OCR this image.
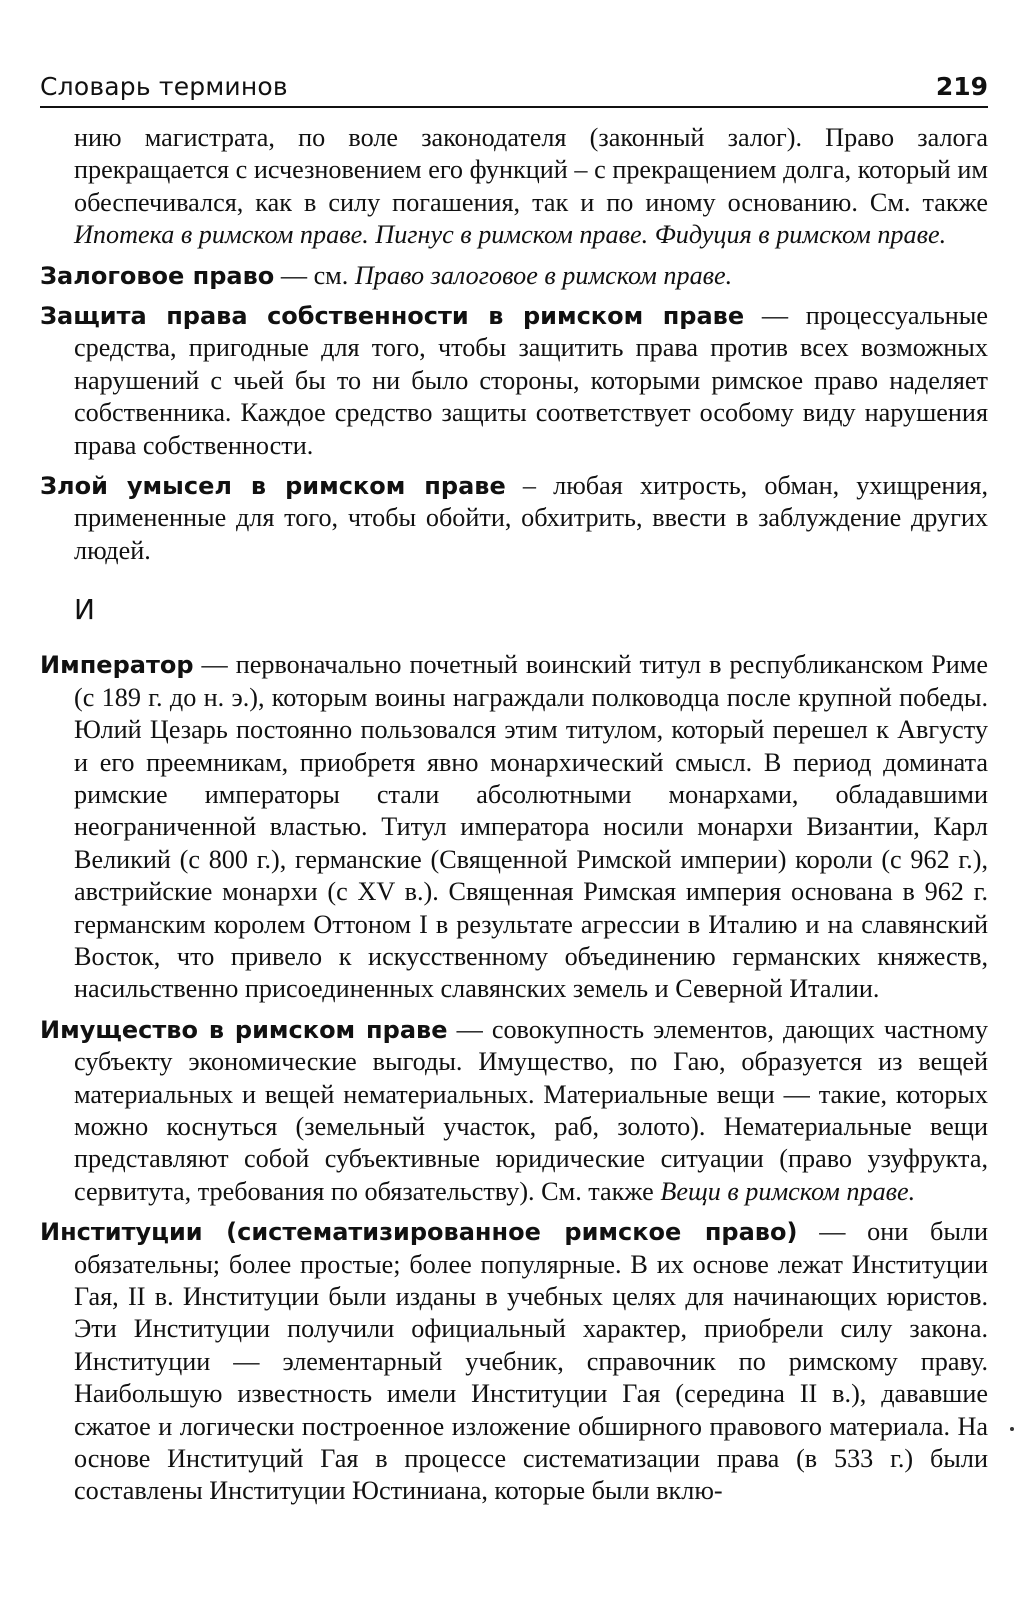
Словарь терминов	219

нию магистрата, по воле законодателя (законный залог). Право залога прекращается с исчезновением его функций – с прекращением долга, который им обеспечивался, как в силу погашения, так и по иному основанию. См. также Ипотека в римском праве. Пигнус в римском праве. Фидуция в римском праве.

Залоговое право — см. Право залоговое в римском праве.

Защита права собственности в римском праве — процессуальные средства, пригодные для того, чтобы защитить права против всех возможных нарушений с чьей бы то ни было стороны, которыми римское право наделяет собственника. Каждое средство защиты соответствует особому виду нарушения права собственности.

Злой умысел в римском праве – любая хитрость, обман, ухищрения, примененные для того, чтобы обойти, обхитрить, ввести в заблуждение других людей.

И

Император — первоначально почетный воинский титул в республиканском Риме (с 189 г. до н. э.), которым воины награждали полководца после крупной победы. Юлий Цезарь постоянно пользовался этим титулом, который перешел к Августу и его преемникам, приобретя явно монархический смысл. В период домината римские императоры стали абсолютными монархами, обладавшими неограниченной властью. Титул императора носили монархи Византии, Карл Великий (с 800 г.), германские (Священной Римской империи) короли (с 962 г.), австрийские монархи (с XV в.). Священная Римская империя основана в 962 г. германским королем Оттоном I в результате агрессии в Италию и на славянский Восток, что привело к искусственному объединению германских княжеств, насильственно присоединенных славянских земель и Северной Италии.

Имущество в римском праве — совокупность элементов, дающих частному субъекту экономические выгоды. Имущество, по Гаю, образуется из вещей материальных и вещей нематериальных. Материальные вещи — такие, которых можно коснуться (земельный участок, раб, золото). Нематериальные вещи представляют собой субъективные юридические ситуации (право узуфрукта, сервитута, требования по обязательству). См. также Вещи в римском праве.

Институции (систематизированное римское право) — они были обязательны; более простые; более популярные. В их основе лежат Институции Гая, II в. Институции были изданы в учебных целях для начинающих юристов. Эти Институции получили официальный характер, приобрели силу закона. Институции — элементарный учебник, справочник по римскому праву. Наибольшую известность имели Институции Гая (середина II в.), дававшие сжатое и логически построенное изложение обширного правового материала. На основе Институций Гая в процессе систематизации права (в 533 г.) были составлены Институции Юстиниана, которые были вклю-
